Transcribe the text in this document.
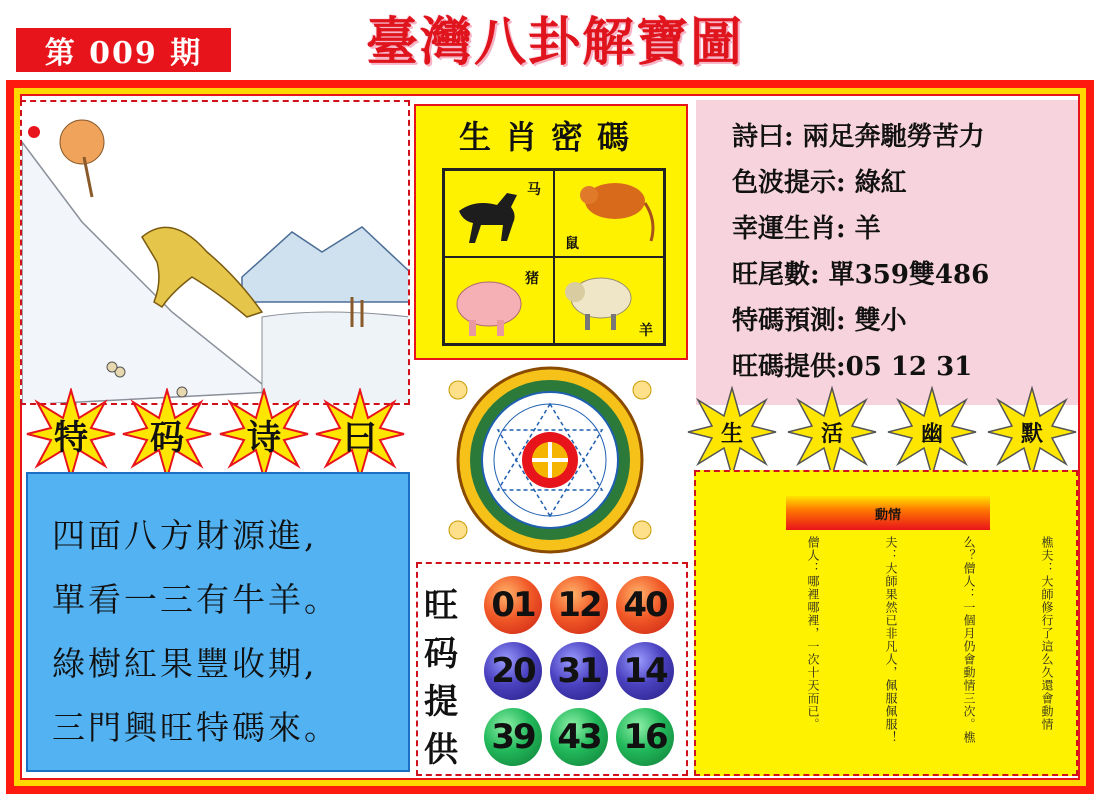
第 009 期	臺灣八卦解寶圖
生肖密碼
马
鼠
猪
羊
詩曰: 兩足奔馳勞苦力
色波提示: 綠紅
幸運生肖: 羊
旺尾數: 單359雙486
特碼預測: 雙小
旺碼提供:05 12 31
特	码	诗	曰	生	活	幽	默
四面八方財源進,
單看一三有牛羊。
綠樹紅果豐收期,
三門興旺特碼來。
旺
码
提
供
01 12 40
20 31 14
39 43 16
動情
樵夫：大師修行了這么久還會動情
么？僧人：一個月仍會動情三次。樵
夫：大師果然已非凡人，佩服佩服！
僧人：哪裡哪裡，一次十天而已。
